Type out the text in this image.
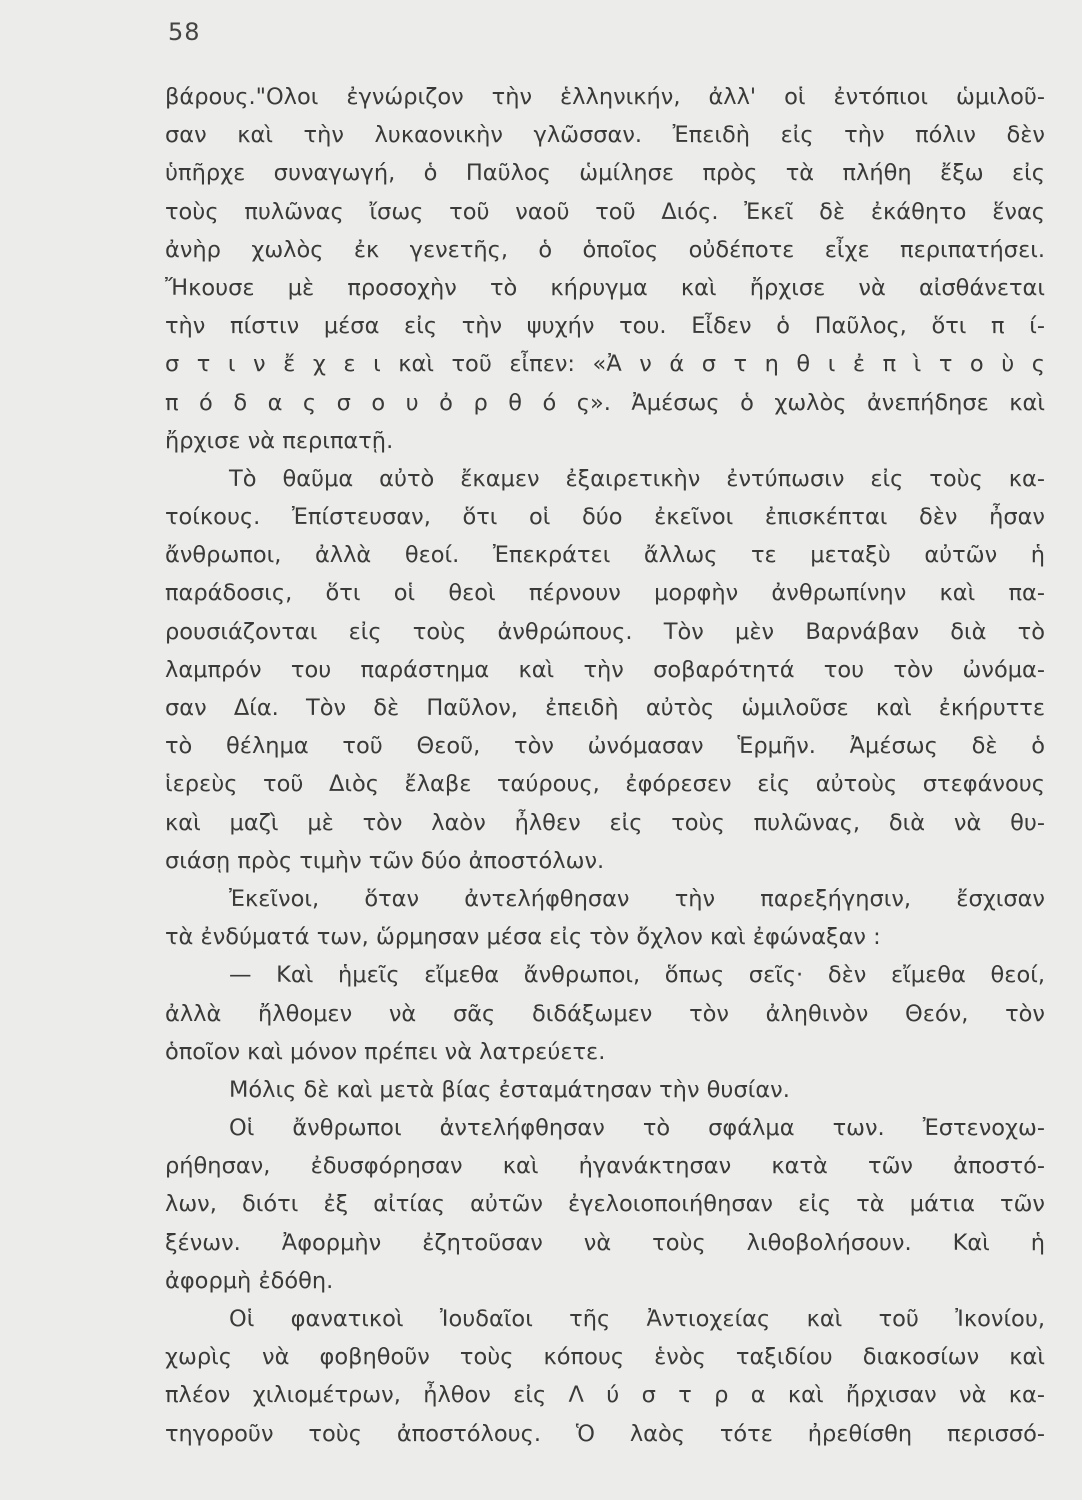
58
βάρους."Ολοι ἐγνώριζον τὴν ἑλληνικήν, ἀλλ' οἱ ἐντόπιοι ὡμιλοῦ-
σαν καὶ τὴν λυκαονικὴν γλῶσσαν. Ἐπειδὴ εἰς τὴν πόλιν δὲν
ὑπῆρχε συναγωγή, ὁ Παῦλος ὡμίλησε πρὸς τὰ πλήθη ἔξω εἰς
τοὺς πυλῶνας ἴσως τοῦ ναοῦ τοῦ Διός. Ἐκεῖ δὲ ἐκάθητο ἕνας
ἀνὴρ χωλὸς ἐκ γενετῆς, ὁ ὁποῖος οὐδέποτε εἶχε περιπατήσει.
Ἤκουσε μὲ προσοχὴν τὸ κήρυγμα καὶ ἤρχισε νὰ αἰσθάνεται
τὴν πίστιν μέσα εἰς τὴν ψυχήν του. Εἶδεν ὁ Παῦλος, ὅτι π ί-
σ τ ι ν ἔ χ ε ι καὶ τοῦ εἶπεν: «Ἀ ν ά σ τ η θ ι ἐ π ὶ τ ο ὺ ς
π ό δ α ς σ ο υ ὀ ρ θ ό ς». Ἀμέσως ὁ χωλὸς ἀνεπήδησε καὶ
ἤρχισε νὰ περιπατῇ.
Τὸ θαῦμα αὐτὸ ἔκαμεν ἐξαιρετικὴν ἐντύπωσιν εἰς τοὺς κα-
τοίκους. Ἐπίστευσαν, ὅτι οἱ δύο ἐκεῖνοι ἐπισκέπται δὲν ἦσαν
ἄνθρωποι, ἀλλὰ θεοί. Ἐπεκράτει ἄλλως τε μεταξὺ αὐτῶν ἡ
παράδοσις, ὅτι οἱ θεοὶ πέρνουν μορφὴν ἀνθρωπίνην καὶ πα-
ρουσιάζονται εἰς τοὺς ἀνθρώπους. Τὸν μὲν Βαρνάβαν διὰ τὸ
λαμπρόν του παράστημα καὶ τὴν σοβαρότητά του τὸν ὠνόμα-
σαν Δία. Τὸν δὲ Παῦλον, ἐπειδὴ αὐτὸς ὡμιλοῦσε καὶ ἐκήρυττε
τὸ θέλημα τοῦ Θεοῦ, τὸν ὠνόμασαν Ἑρμῆν. Ἀμέσως δὲ ὁ
ἱερεὺς τοῦ Διὸς ἔλαβε ταύρους, ἐφόρεσεν εἰς αὐτοὺς στεφάνους
καὶ μαζὶ μὲ τὸν λαὸν ἦλθεν εἰς τοὺς πυλῶνας, διὰ νὰ θυ-
σιάσῃ πρὸς τιμὴν τῶν δύο ἀποστόλων.
Ἐκεῖνοι, ὅταν ἀντελήφθησαν τὴν παρεξήγησιν, ἔσχισαν
τὰ ἐνδύματά των, ὥρμησαν μέσα εἰς τὸν ὄχλον καὶ ἐφώναξαν :
— Καὶ ἡμεῖς εἴμεθα ἄνθρωποι, ὅπως σεῖς· δὲν εἴμεθα θεοί,
ἀλλὰ ἤλθομεν νὰ σᾶς διδάξωμεν τὸν ἀληθινὸν Θεόν, τὸν
ὁποῖον καὶ μόνον πρέπει νὰ λατρεύετε.
Μόλις δὲ καὶ μετὰ βίας ἐσταμάτησαν τὴν θυσίαν.
Οἱ ἄνθρωποι ἀντελήφθησαν τὸ σφάλμα των. Ἐστενοχω-
ρήθησαν, ἐδυσφόρησαν καὶ ἠγανάκτησαν κατὰ τῶν ἀποστό-
λων, διότι ἐξ αἰτίας αὐτῶν ἐγελοιοποιήθησαν εἰς τὰ μάτια τῶν
ξένων. Ἀφορμὴν ἐζητοῦσαν νὰ τοὺς λιθοβολήσουν. Καὶ ἡ
ἀφορμὴ ἐδόθη.
Οἱ φανατικοὶ Ἰουδαῖοι τῆς Ἀντιοχείας καὶ τοῦ Ἰκονίου,
χωρὶς νὰ φοβηθοῦν τοὺς κόπους ἑνὸς ταξιδίου διακοσίων καὶ
πλέον χιλιομέτρων, ἦλθον εἰς Λ ύ σ τ ρ α καὶ ἤρχισαν νὰ κα-
τηγοροῦν τοὺς ἀποστόλους. Ὁ λαὸς τότε ἠρεθίσθη περισσό-
